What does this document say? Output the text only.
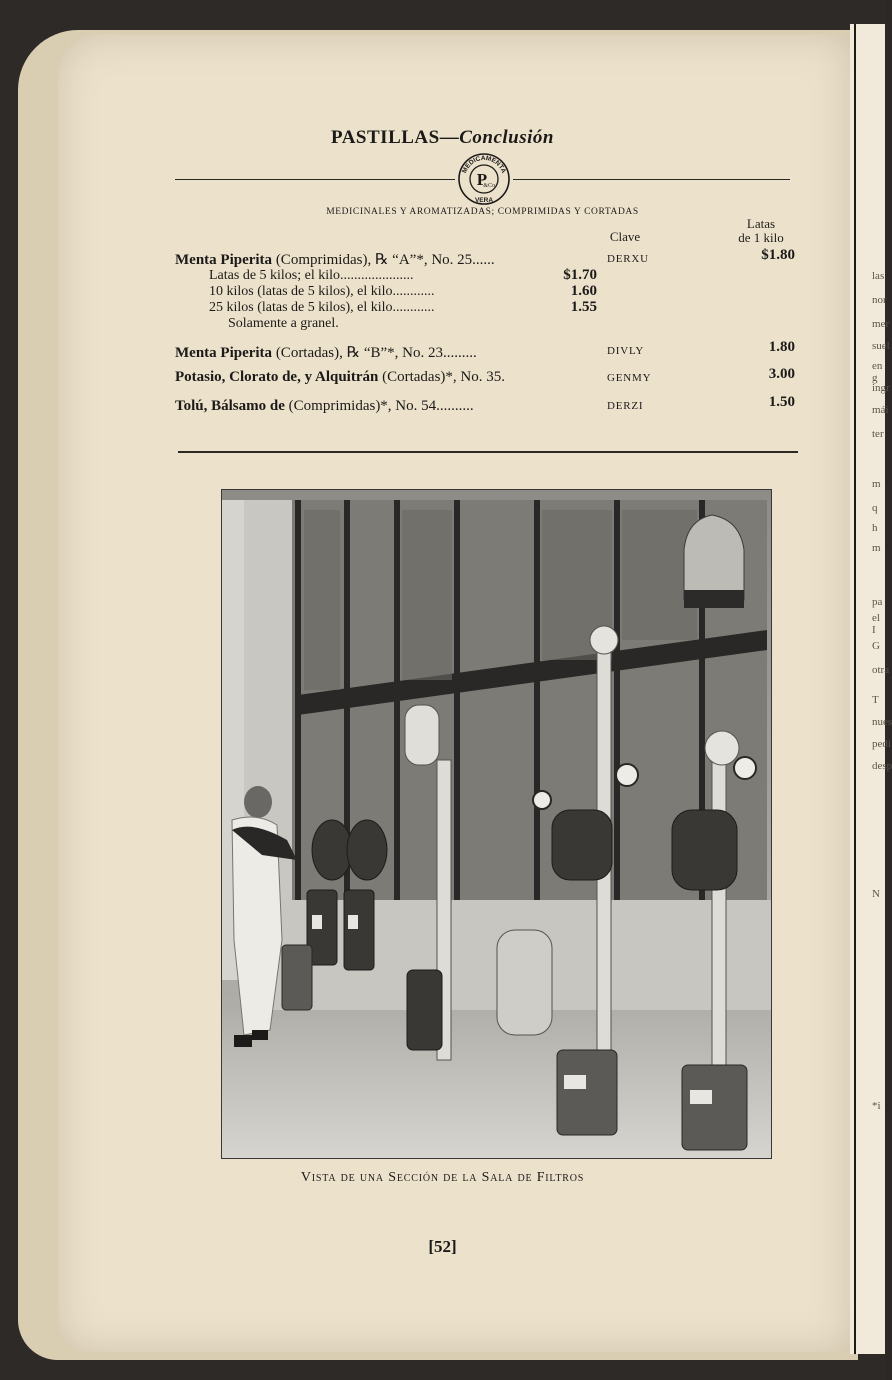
las
nor
mer
suel
en g
ingr
mái
ter
m
q
h
m
pa
el I
G
otra
T
nues
pedi
desp
N
*i
PASTILLAS—Conclusión
MEDICAMENTA
VERA
P
&Co.
MEDICINALES Y AROMATIZADAS; COMPRIMIDAS Y CORTADAS
Clave
Latas
de 1 kilo
Menta Piperita (Comprimidas), ℞ “A”*, No. 25......	DERXU	$1.80
Latas de 5 kilos; el kilo.....................	$1.70
10 kilos (latas de 5 kilos), el kilo............	1.60
25 kilos (latas de 5 kilos), el kilo............	1.55
Solamente a granel.
Menta Piperita (Cortadas), ℞ “B”*, No. 23.........	DIVLY	1.80
Potasio, Clorato de, y Alquitrán (Cortadas)*, No. 35.	GENMY	3.00
Tolú, Bálsamo de (Comprimidas)*, No. 54..........	DERZI	1.50
Vista de una Sección de la Sala de Filtros
[52]
